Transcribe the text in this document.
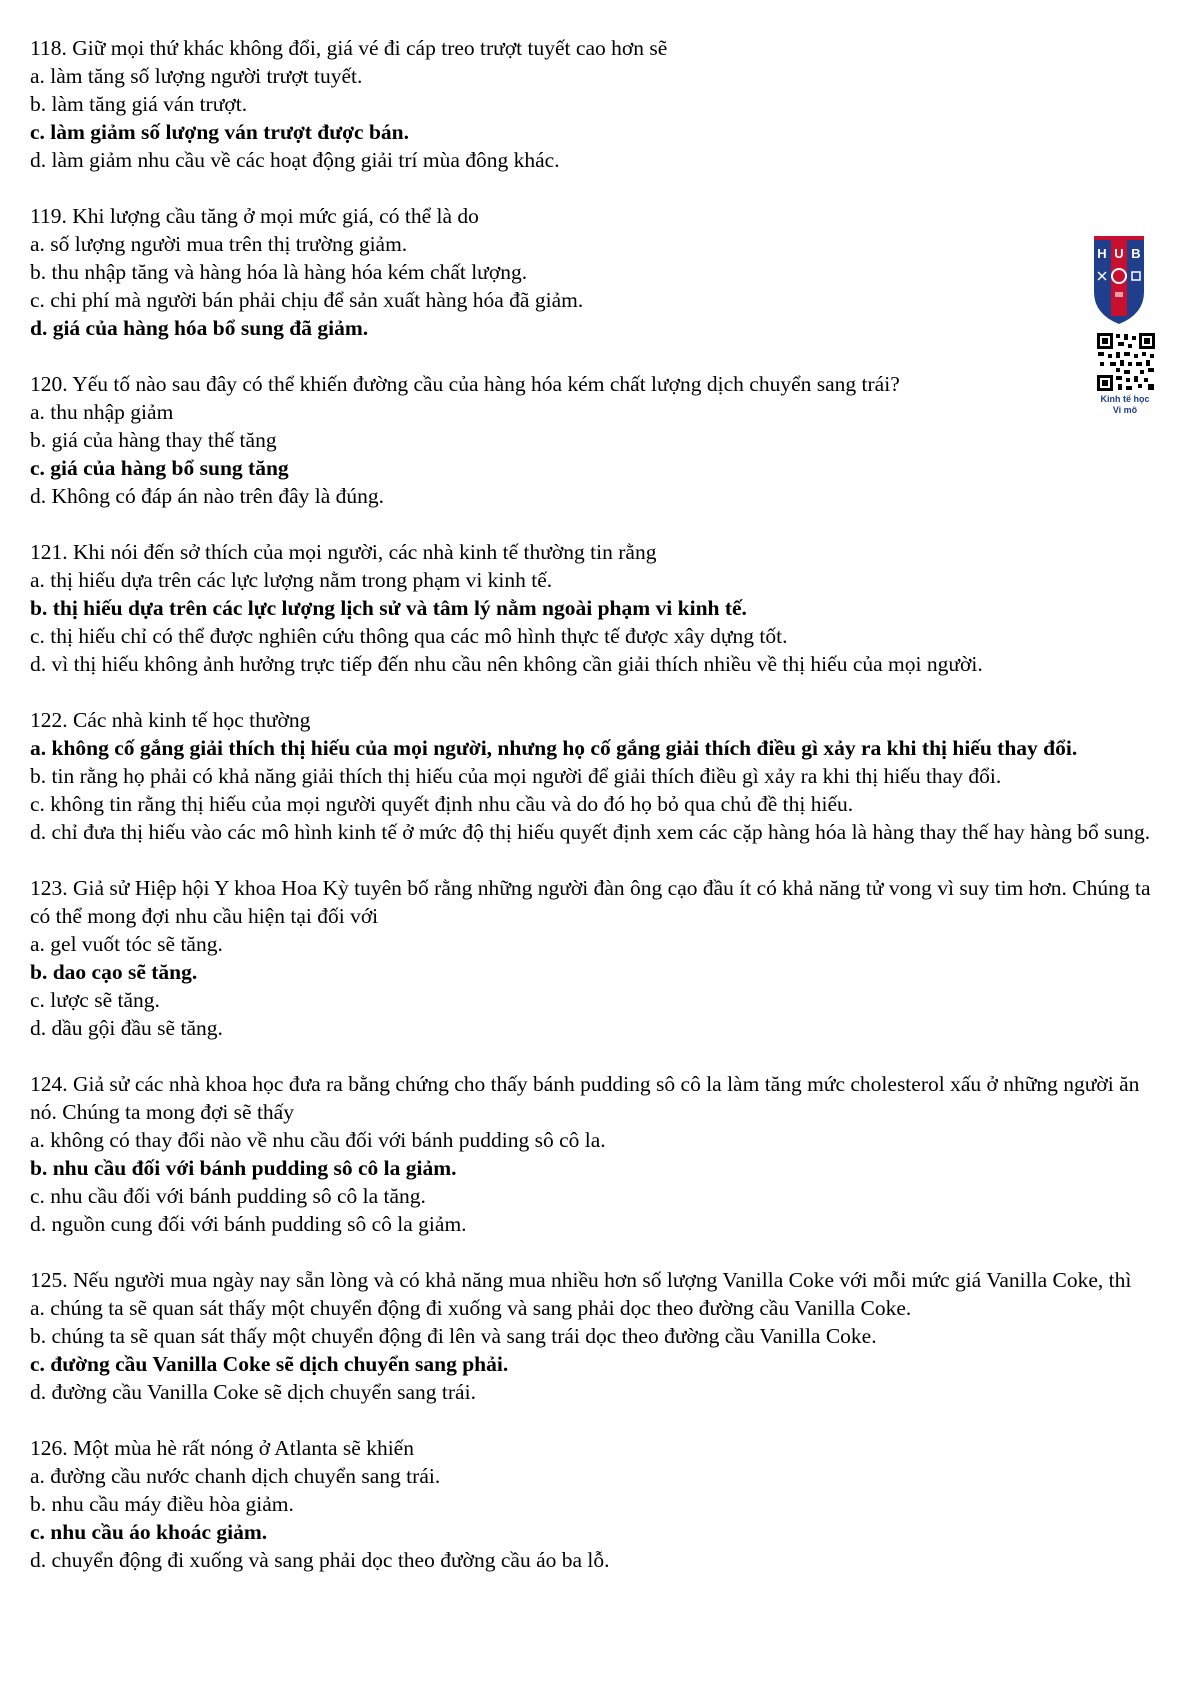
118. Giữ mọi thứ khác không đổi, giá vé đi cáp treo trượt tuyết cao hơn sẽ

a. làm tăng số lượng người trượt tuyết.

b. làm tăng giá ván trượt.

c. làm giảm số lượng ván trượt được bán.

d. làm giảm nhu cầu về các hoạt động giải trí mùa đông khác.

119. Khi lượng cầu tăng ở mọi mức giá, có thể là do

a. số lượng người mua trên thị trường giảm.

b. thu nhập tăng và hàng hóa là hàng hóa kém chất lượng.

c. chi phí mà người bán phải chịu để sản xuất hàng hóa đã giảm.

d. giá của hàng hóa bổ sung đã giảm.

120. Yếu tố nào sau đây có thể khiến đường cầu của hàng hóa kém chất lượng dịch chuyển sang trái?

a. thu nhập giảm

b. giá của hàng thay thế tăng

c. giá của hàng bổ sung tăng

d. Không có đáp án nào trên đây là đúng.

121. Khi nói đến sở thích của mọi người, các nhà kinh tế thường tin rằng

a. thị hiếu dựa trên các lực lượng nằm trong phạm vi kinh tế.

b. thị hiếu dựa trên các lực lượng lịch sử và tâm lý nằm ngoài phạm vi kinh tế.

c. thị hiếu chỉ có thể được nghiên cứu thông qua các mô hình thực tế được xây dựng tốt.

d. vì thị hiếu không ảnh hưởng trực tiếp đến nhu cầu nên không cần giải thích nhiều về thị hiếu của mọi người.

122. Các nhà kinh tế học thường

a. không cố gắng giải thích thị hiếu của mọi người, nhưng họ cố gắng giải thích điều gì xảy ra khi thị hiếu thay đổi.

b. tin rằng họ phải có khả năng giải thích thị hiếu của mọi người để giải thích điều gì xảy ra khi thị hiếu thay đổi.

c. không tin rằng thị hiếu của mọi người quyết định nhu cầu và do đó họ bỏ qua chủ đề thị hiếu.

d. chỉ đưa thị hiếu vào các mô hình kinh tế ở mức độ thị hiếu quyết định xem các cặp hàng hóa là hàng thay thế hay hàng bổ sung.

123. Giả sử Hiệp hội Y khoa Hoa Kỳ tuyên bố rằng những người đàn ông cạo đầu ít có khả năng tử vong vì suy tim hơn. Chúng ta có thể mong đợi nhu cầu hiện tại đối với

a. gel vuốt tóc sẽ tăng.

b. dao cạo sẽ tăng.

c. lược sẽ tăng.

d. dầu gội đầu sẽ tăng.

124. Giả sử các nhà khoa học đưa ra bằng chứng cho thấy bánh pudding sô cô la làm tăng mức cholesterol xấu ở những người ăn nó. Chúng ta mong đợi sẽ thấy

a. không có thay đổi nào về nhu cầu đối với bánh pudding sô cô la.

b. nhu cầu đối với bánh pudding sô cô la giảm.

c. nhu cầu đối với bánh pudding sô cô la tăng.

d. nguồn cung đối với bánh pudding sô cô la giảm.

125. Nếu người mua ngày nay sẵn lòng và có khả năng mua nhiều hơn số lượng Vanilla Coke với mỗi mức giá Vanilla Coke, thì

a. chúng ta sẽ quan sát thấy một chuyển động đi xuống và sang phải dọc theo đường cầu Vanilla Coke.

b. chúng ta sẽ quan sát thấy một chuyển động đi lên và sang trái dọc theo đường cầu Vanilla Coke.

c. đường cầu Vanilla Coke sẽ dịch chuyển sang phải.

d. đường cầu Vanilla Coke sẽ dịch chuyển sang trái.

126. Một mùa hè rất nóng ở Atlanta sẽ khiến

a. đường cầu nước chanh dịch chuyển sang trái.

b. nhu cầu máy điều hòa giảm.

c. nhu cầu áo khoác giảm.

d. chuyển động đi xuống và sang phải dọc theo đường cầu áo ba lỗ.

H U B
Kinh tế học
Vi mô
